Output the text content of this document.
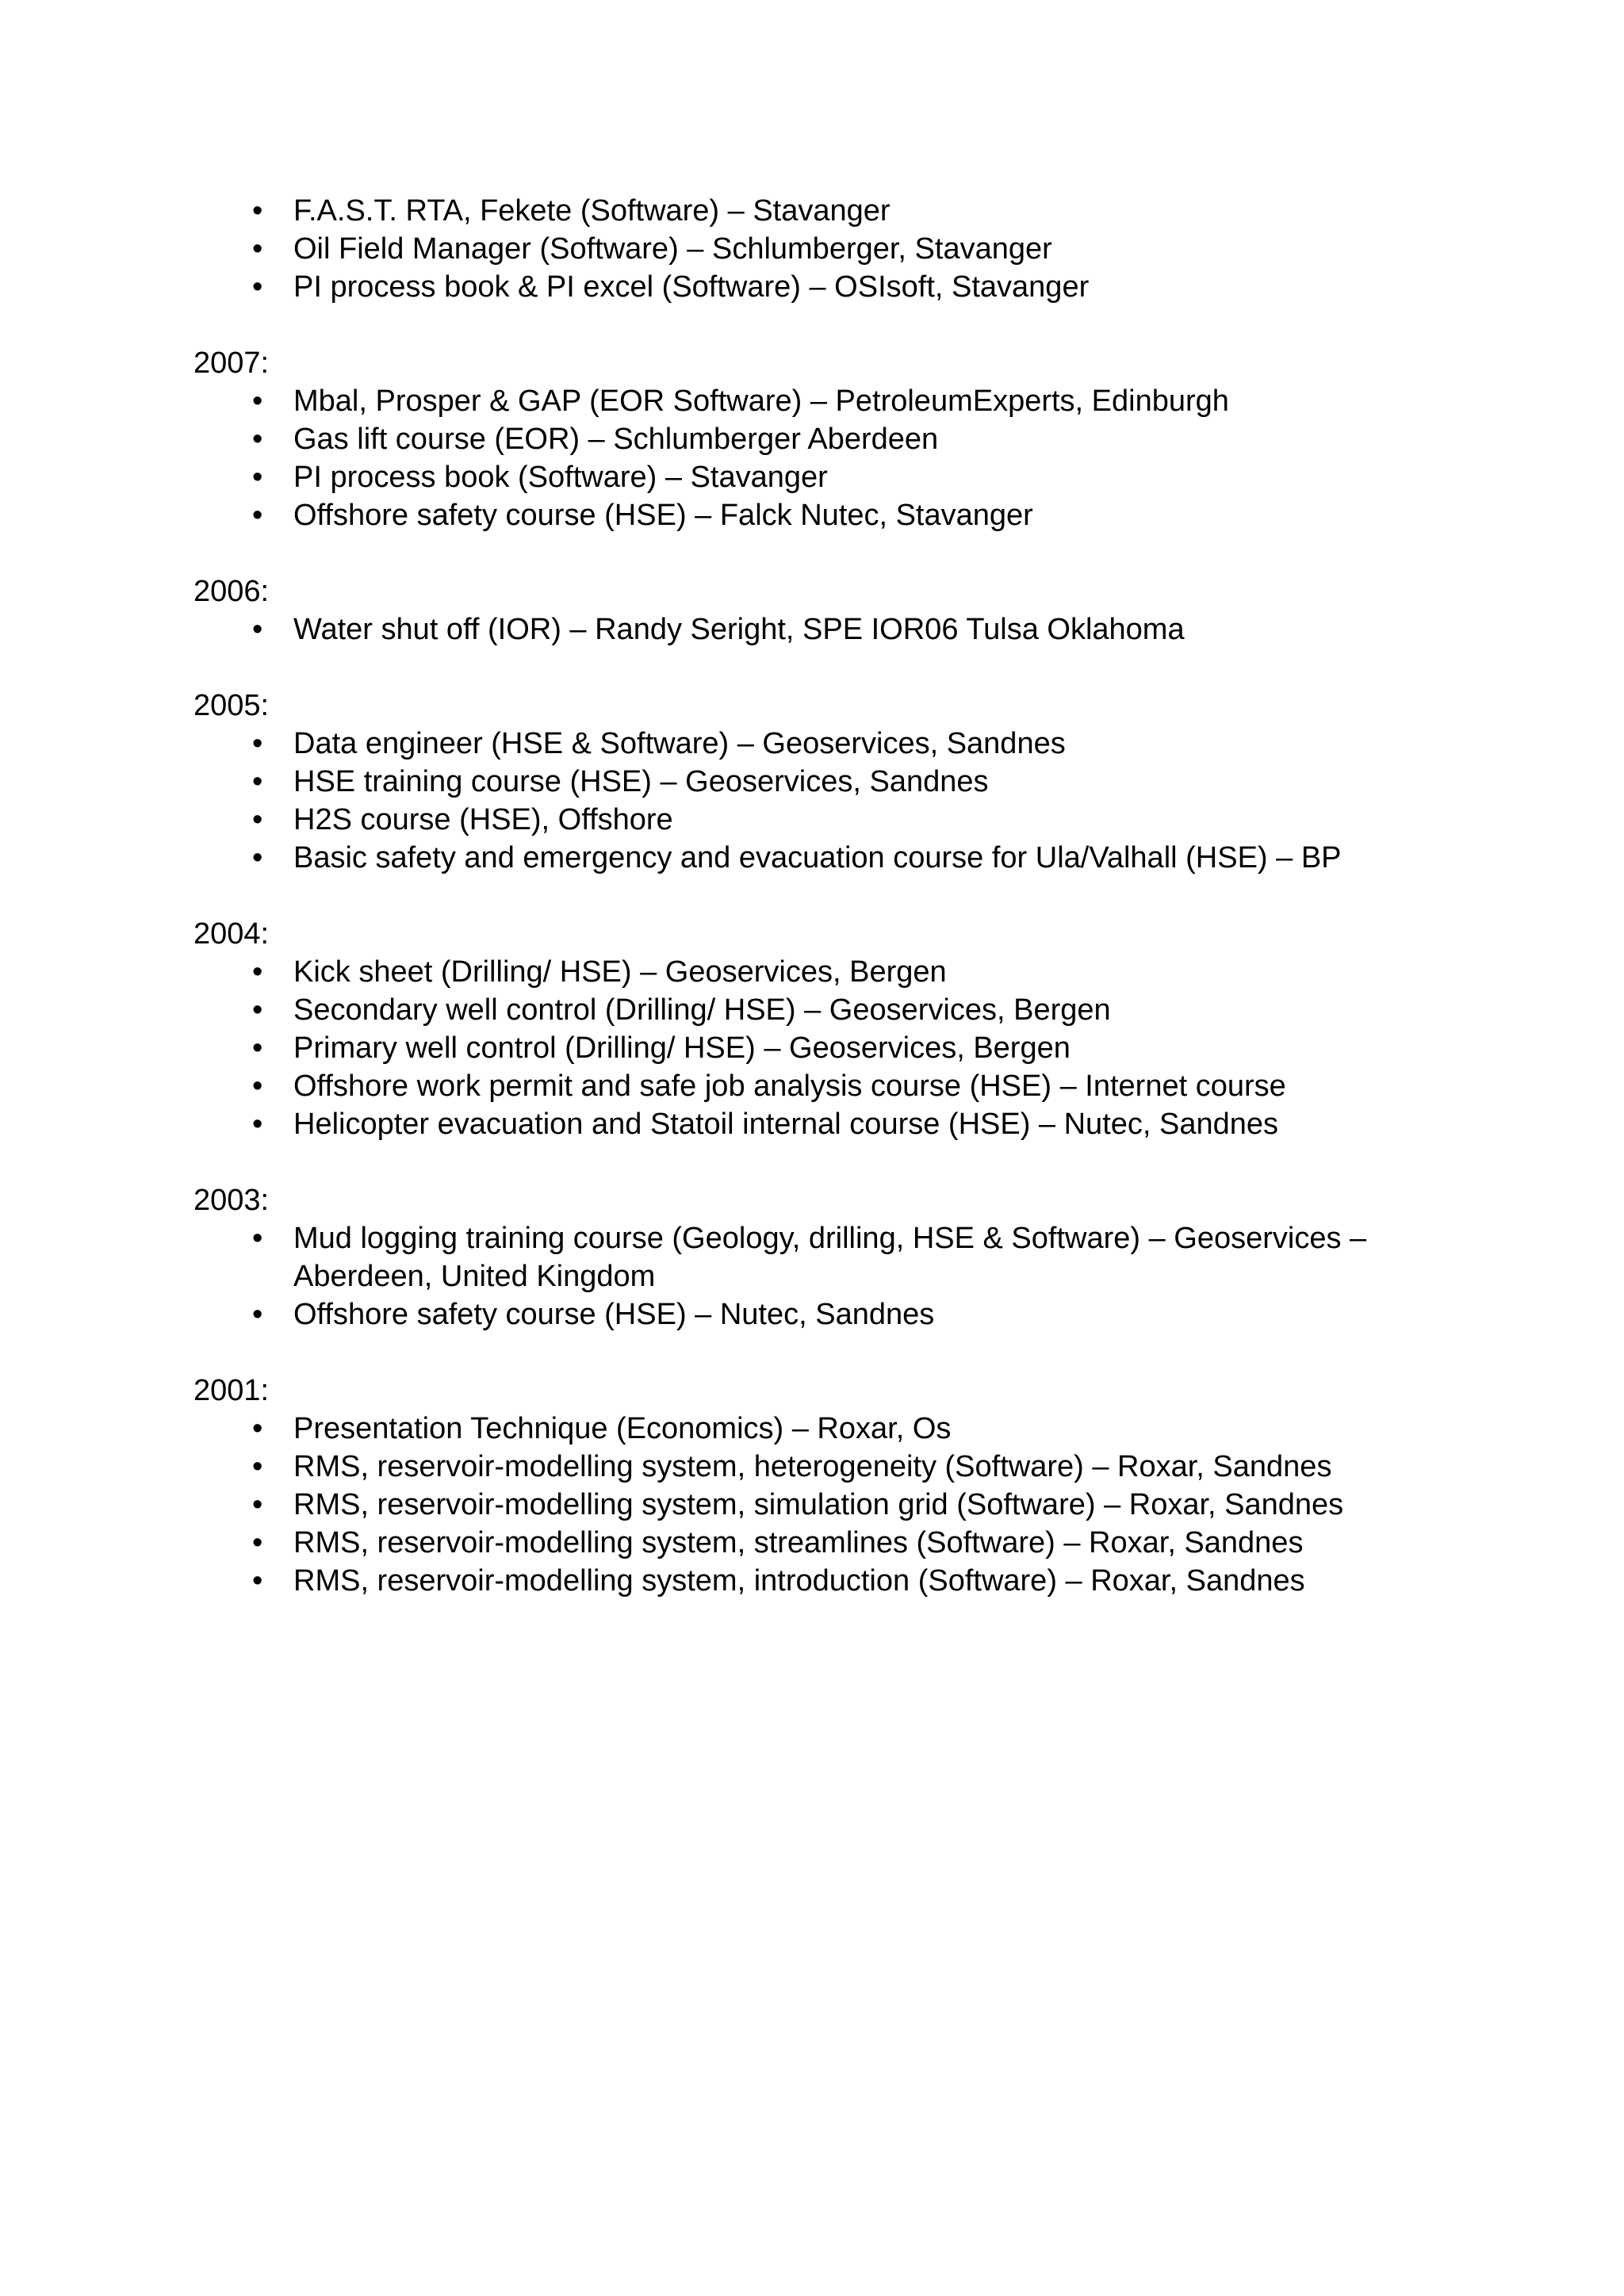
• F.A.S.T. RTA, Fekete (Software) – Stavanger
• Oil Field Manager (Software) – Schlumberger, Stavanger
• PI process book & PI excel (Software) – OSIsoft, Stavanger
2007:
• Mbal, Prosper & GAP (EOR Software) – PetroleumExperts, Edinburgh
• Gas lift course (EOR) – Schlumberger Aberdeen
• PI process book (Software) – Stavanger
• Offshore safety course (HSE) – Falck Nutec, Stavanger
2006:
• Water shut off (IOR) – Randy Seright, SPE IOR06 Tulsa Oklahoma
2005:
• Data engineer (HSE & Software) – Geoservices, Sandnes
• HSE training course (HSE) – Geoservices, Sandnes
• H2S course (HSE), Offshore
• Basic safety and emergency and evacuation course for Ula/Valhall (HSE) – BP
2004:
• Kick sheet (Drilling/ HSE) – Geoservices, Bergen
• Secondary well control (Drilling/ HSE) – Geoservices, Bergen
• Primary well control (Drilling/ HSE) – Geoservices, Bergen
• Offshore work permit and safe job analysis course (HSE) – Internet course
• Helicopter evacuation and Statoil internal course (HSE) – Nutec, Sandnes
2003:
• Mud logging training course (Geology, drilling, HSE & Software) – Geoservices – Aberdeen, United Kingdom
• Offshore safety course (HSE) – Nutec, Sandnes
2001:
• Presentation Technique (Economics) – Roxar, Os
• RMS, reservoir-modelling system, heterogeneity (Software) – Roxar, Sandnes
• RMS, reservoir-modelling system, simulation grid (Software) – Roxar, Sandnes
• RMS, reservoir-modelling system, streamlines (Software) – Roxar, Sandnes
• RMS, reservoir-modelling system, introduction (Software) – Roxar, Sandnes
